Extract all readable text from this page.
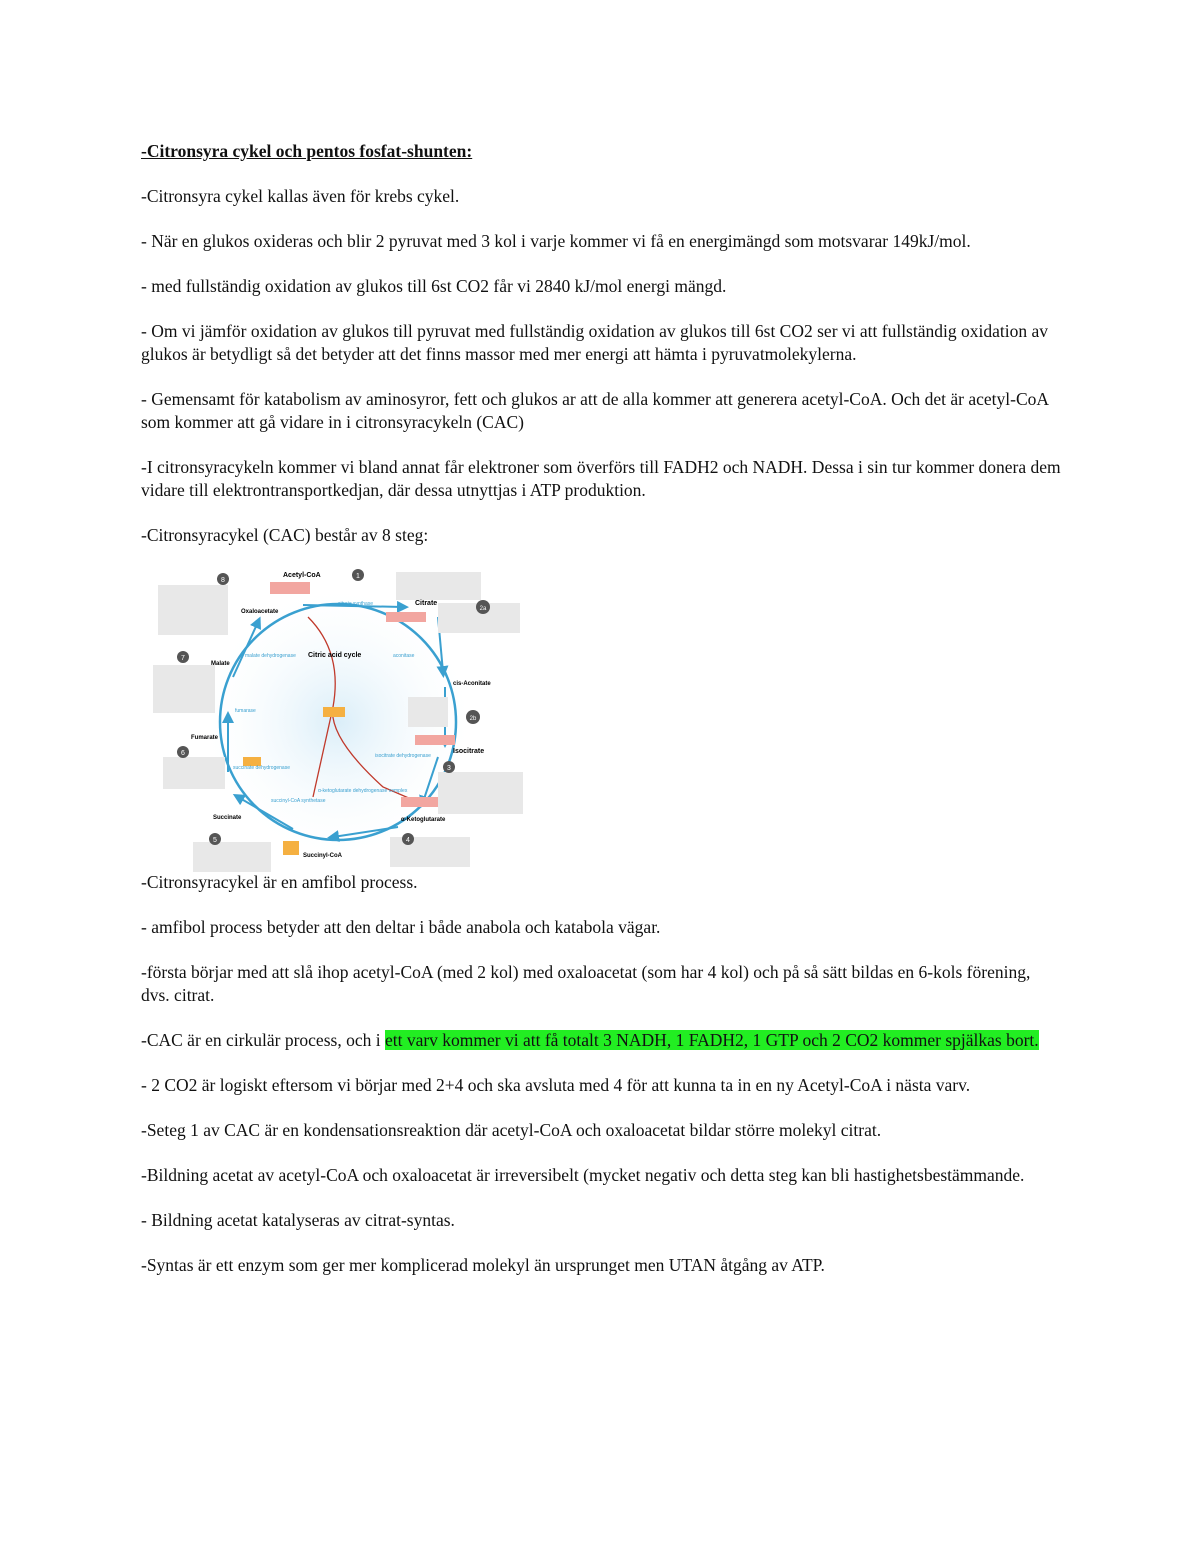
-Citronsyra cykel och pentos fosfat-shunten:

-Citronsyra cykel kallas även för krebs cykel.

- När en glukos oxideras och blir 2 pyruvat med 3 kol i varje kommer vi få en energimängd som motsvarar 149kJ/mol.

- med fullständig oxidation av glukos till 6st CO2 får vi 2840 kJ/mol energi mängd.

- Om vi jämför oxidation av glukos till pyruvat med fullständig oxidation av glukos till 6st CO2 ser vi att fullständig oxidation av glukos är betydligt så det betyder att det finns massor med mer energi att hämta i pyruvatmolekylerna.

- Gemensamt för katabolism av aminosyror, fett och glukos ar att de alla kommer att generera acetyl-CoA. Och det är acetyl-CoA som kommer att gå vidare in i citronsyracykeln (CAC)

-I citronsyracykeln kommer vi bland annat får elektroner som överförs till FADH2 och NADH. Dessa i sin tur kommer donera dem vidare till elektrontransportkedjan, där dessa utnyttjas i ATP produktion.

-Citronsyracykel (CAC) består av 8 steg:

1
2a
2b
3
4
5
6
7
8
Acetyl-CoA
Citrate
cis-Aconitate
Isocitrate
α-Ketoglutarate
Succinyl-CoA
Succinate
Fumarate
Malate
Oxaloacetate
Citric acid cycle
citrate synthase
aconitase
isocitrate dehydrogenase
α-ketoglutarate dehydrogenase complex
succinyl-CoA synthetase
succinate dehydrogenase
fumarase
malate dehydrogenase

-Citronsyracykel är en amfibol process.

- amfibol process betyder att den deltar i både anabola och katabola vägar.

-första börjar med att slå ihop acetyl-CoA (med 2 kol) med oxaloacetat (som har 4 kol) och på så sätt bildas en 6-kols förening, dvs. citrat.

-CAC är en cirkulär process, och i ett varv kommer vi att få totalt 3 NADH, 1 FADH2, 1 GTP och 2 CO2 kommer spjälkas bort.

- 2 CO2 är logiskt eftersom vi börjar med 2+4 och ska avsluta med 4 för att kunna ta in en ny Acetyl-CoA i nästa varv.

-Seteg 1 av CAC är en kondensationsreaktion där acetyl-CoA och oxaloacetat bildar större molekyl citrat.

-Bildning acetat av acetyl-CoA och oxaloacetat är irreversibelt (mycket negativ och detta steg kan bli hastighetsbestämmande.

- Bildning acetat katalyseras av citrat-syntas.

-Syntas är ett enzym som ger mer komplicerad molekyl än ursprunget men UTAN åtgång av ATP.
